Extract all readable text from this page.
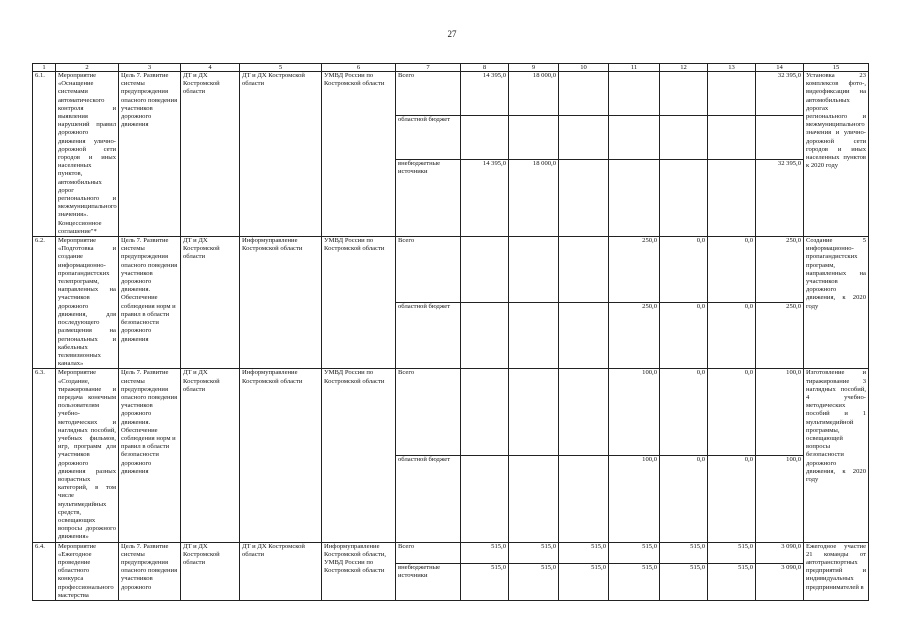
27
1	2	3	4	5	6	7	8	9	10	11	12	13	14	15
6.1.	Мероприятие «Оснащение системами автоматического контроля и выявления нарушений правил дорожного движения улично-дорожной сети городов и иных населенных пунктов, автомобильных дорог регионального и межмуниципального значения». Концессионное соглашение"*	Цель 7. Развитие системы предупреждения опасного поведения участников дорожного движения	ДТ и ДХ Костромской области	ДТ и ДХ Костромской области	УМВД России по Костромской области	Всего	14 395,0	18 000,0					32 395,0	Установка 23 комплексов фото-, видеофиксации на автомобильных дорогах регионального и межмуниципального значения и улично-дорожной сети городов и иных населенных пунктов к 2020 году
						областной бюджет								
						внебюджетные источники	14 395,0	18 000,0					32 395,0	
6.2.	Мероприятие «Подготовка и создание информационно-пропагандистских телепрограмм, направленных на участников дорожного движения, для последующего размещения на региональных и кабельных телевизионных каналах»	Цель 7. Развитие системы предупреждения опасного поведения участников дорожного движения. Обеспечение соблюдения норм и правил в области безопасности дорожного движения	ДТ и ДХ Костромской области	Информуправление Костромской области	УМВД России по Костромской области	Всего				250,0	0,0	0,0	250,0	Создание 5 информационно-пропагандистских программ, направленных на участников дорожного движения, к 2020 году
						областной бюджет				250,0	0,0	0,0	250,0	
6.3.	Мероприятие «Создание, тиражирование и передача конечным пользователям учебно-методических и наглядных пособий, учебных фильмов, игр, программ для участников дорожного движения разных возрастных категорий, в том числе мультимедийных средств, освещающих вопросы дорожного движения»	Цель 7. Развитие системы предупреждения опасного поведения участников дорожного движения. Обеспечение соблюдения норм и правил в области безопасности дорожного движения	ДТ и ДХ Костромской области	Информуправление Костромской области	УМВД России по Костромской области	Всего				100,0	0,0	0,0	100,0	Изготовление и тиражирование 3 наглядных пособий, 4 учебно-методических пособий и 1 мультимедийной программы, освещающей вопросы безопасности дорожного движения, к 2020 году
						областной бюджет				100,0	0,0	0,0	100,0	
6.4.	Мероприятие «Ежегодное проведение областного конкурса профессионального мастерства	Цель 7. Развитие системы предупреждения опасного поведения участников дорожного	ДТ и ДХ Костромской области	ДТ и ДХ Костромской области	Информуправление Костромской области, УМВД России по Костромской области	Всего	515,0	515,0	515,0	515,0	515,0	515,0	3 090,0	Ежегодное участие 21 команды от автотранспортных предприятий и индивидуальных предпринимателей в
						внебюджетные источники	515,0	515,0	515,0	515,0	515,0	515,0	3 090,0	
